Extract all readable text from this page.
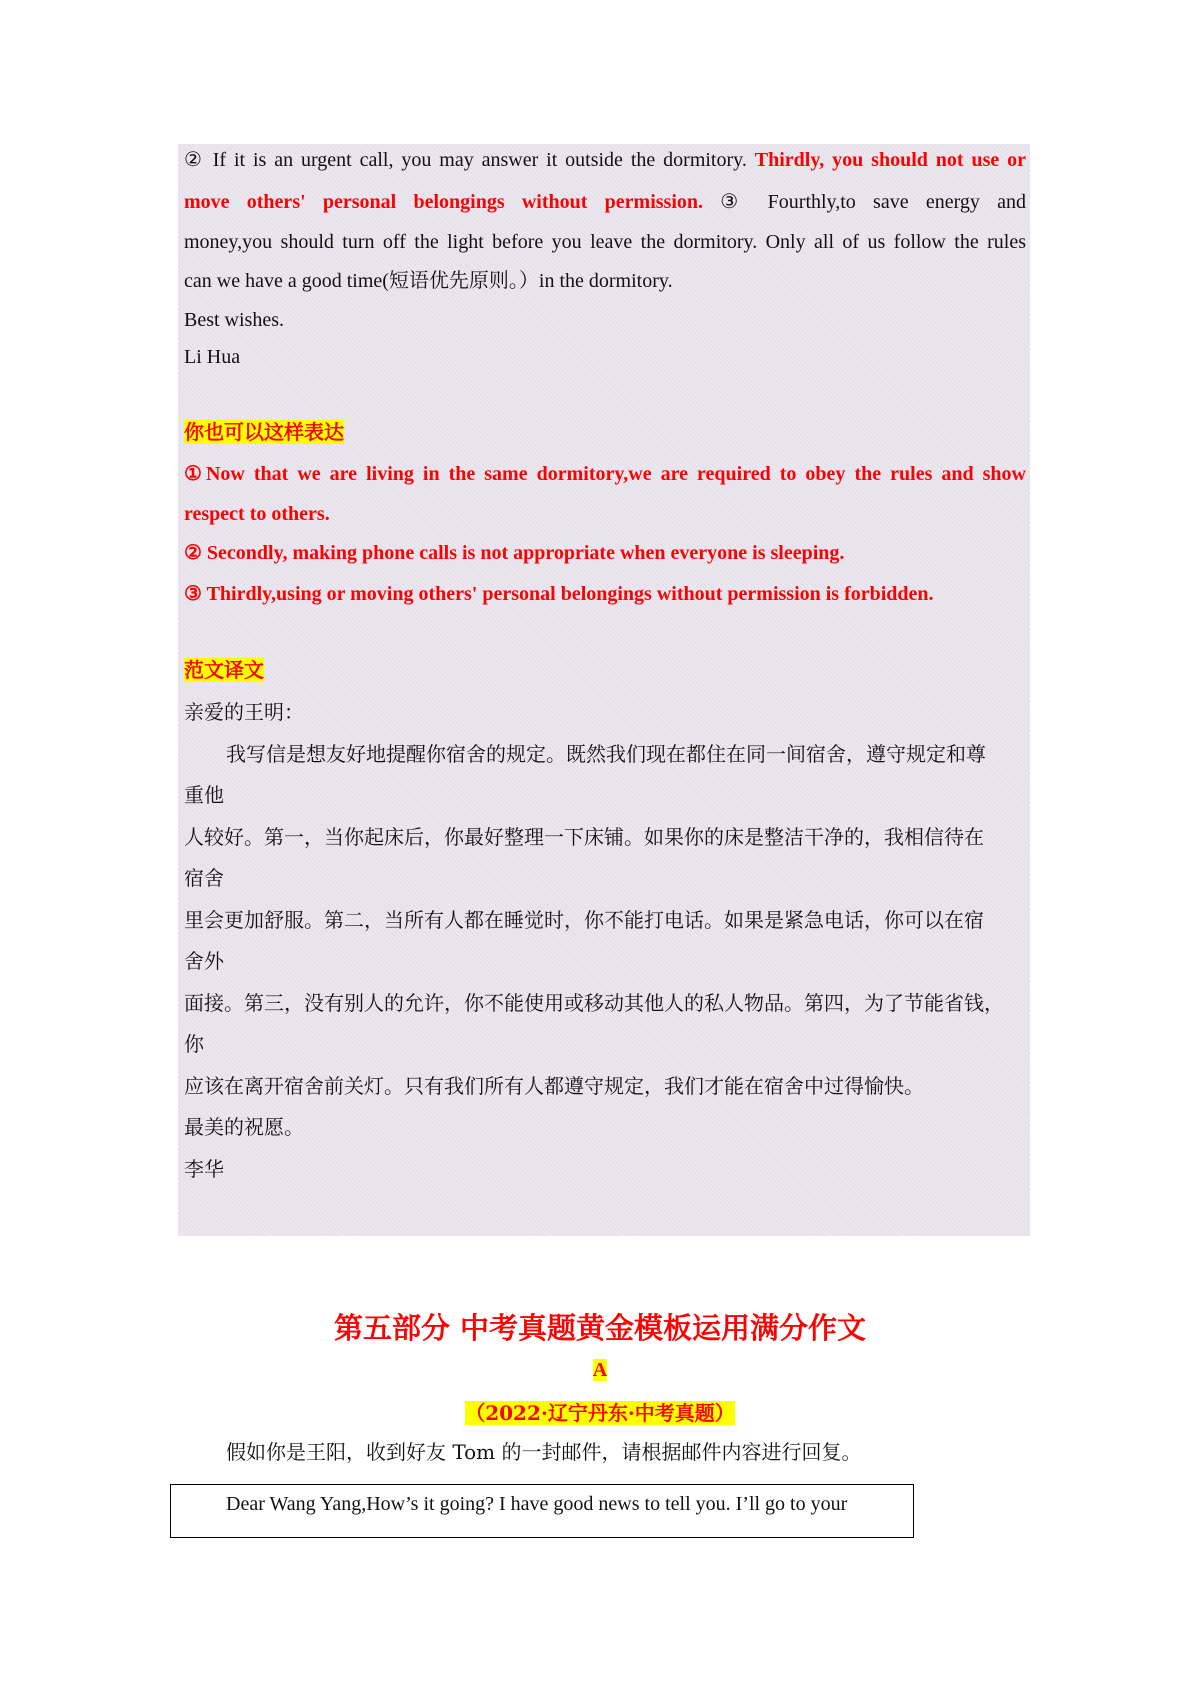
② If it is an urgent call, you may answer it outside the dormitory. Thirdly, you should not use or
move others' personal belongings without permission. ③ Fourthly,to save energy and
money,you should turn off the light before you leave the dormitory. Only all of us follow the rules
can we have a good time(短语优先原则。）in the dormitory.
Best wishes.
Li Hua
你也可以这样表达
①Now that we are living in the same dormitory,we are required to obey the rules and show
respect to others.
② Secondly, making phone calls is not appropriate when everyone is sleeping.
③ Thirdly,using or moving others' personal belongings without permission is forbidden.
范文译文
亲爱的王明：
我写信是想友好地提醒你宿舍的规定。既然我们现在都住在同一间宿舍，遵守规定和尊
重他
人较好。第一，当你起床后，你最好整理一下床铺。如果你的床是整洁干净的，我相信待在
宿舍
里会更加舒服。第二，当所有人都在睡觉时，你不能打电话。如果是紧急电话，你可以在宿
舍外
面接。第三，没有别人的允许，你不能使用或移动其他人的私人物品。第四，为了节能省钱，
你
应该在离开宿舍前关灯。只有我们所有人都遵守规定，我们才能在宿舍中过得愉快。
最美的祝愿。
李华
第五部分 中考真题黄金模板运用满分作文
A
（2022·辽宁丹东·中考真题）
假如你是王阳，收到好友 Tom 的一封邮件，请根据邮件内容进行回复。
Dear Wang Yang,How’s it going? I have good news to tell you. I’ll go to your
